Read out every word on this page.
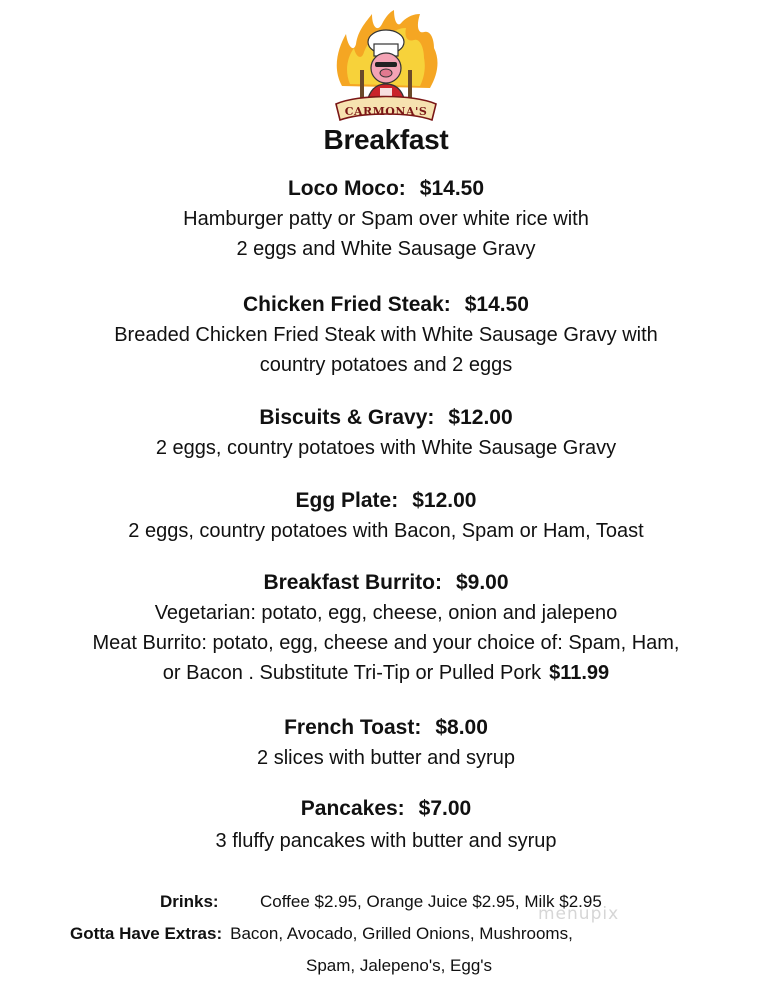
CARMONA'S
Breakfast
Loco Moco: $14.50
Hamburger patty or Spam over white rice with
2 eggs and White Sausage Gravy
Chicken Fried Steak: $14.50
Breaded Chicken Fried Steak with White Sausage Gravy with
country potatoes and 2 eggs
Biscuits & Gravy: $12.00
2 eggs, country potatoes with White Sausage Gravy
Egg Plate: $12.00
2 eggs, country potatoes with Bacon, Spam or Ham, Toast
Breakfast Burrito: $9.00
Vegetarian: potato, egg, cheese, onion and jalepeno
Meat Burrito: potato, egg, cheese and your choice of: Spam, Ham,
or Bacon . Substitute Tri-Tip or Pulled Pork $11.99
French Toast: $8.00
2 slices with butter and syrup
Pancakes: $7.00
3 fluffy pancakes with butter and syrup
Drinks: Coffee $2.95, Orange Juice $2.95, Milk $2.95
Gotta Have Extras: Bacon, Avocado, Grilled Onions, Mushrooms,
Spam, Jalepeno's, Egg's
menupix
